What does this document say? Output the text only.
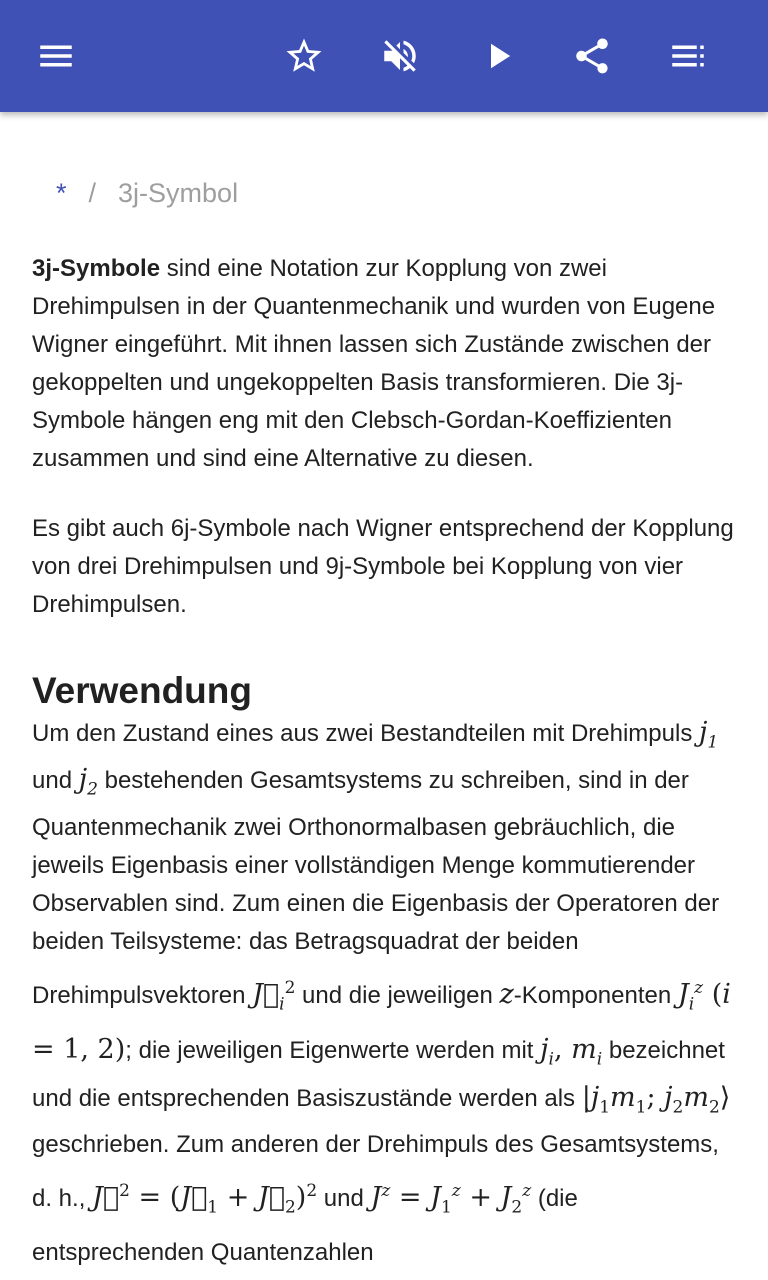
* / 3j-Symbol

3j-Symbole sind eine Notation zur Kopplung von zwei Drehimpulsen in der Quantenmechanik und wurden von Eugene Wigner eingeführt. Mit ihnen lassen sich Zustände zwischen der gekoppelten und ungekoppelten Basis transformieren. Die 3j-Symbole hängen eng mit den Clebsch-Gordan-Koeffizienten zusammen und sind eine Alternative zu diesen.

Es gibt auch 6j-Symbole nach Wigner entsprechend der Kopplung von drei Drehimpulsen und 9j-Symbole bei Kopplung von vier Drehimpulsen.

Verwendung

Um den Zustand eines aus zwei Bestandteilen mit Drehimpuls $j_1$ und $j_2$ bestehenden Gesamtsystems zu schreiben, sind in der Quantenmechanik zwei Orthonormalbasen gebräuchlich, die jeweils Eigenbasis einer vollständigen Menge kommutierender Observablen sind. Zum einen die Eigenbasis der Operatoren der beiden Teilsysteme: das Betragsquadrat der beiden Drehimpulsvektoren $J⃗_i^2$ und die jeweiligen z-Komponenten $J_i^z$ (i = 1, 2); die jeweiligen Eigenwerte werden mit $j_i$, $m_i$ bezeichnet und die entsprechenden Basiszustände werden als $|j_1m_1$; $j_2m_2⟩$ geschrieben. Zum anderen der Drehimpuls des Gesamtsystems, d. h., J⃗$^2$ = ($J⃗_1$ + $J⃗_2)^2$ und $J^z = J_1^z + J_2^z$ (die entsprechenden Quantenzahlen
